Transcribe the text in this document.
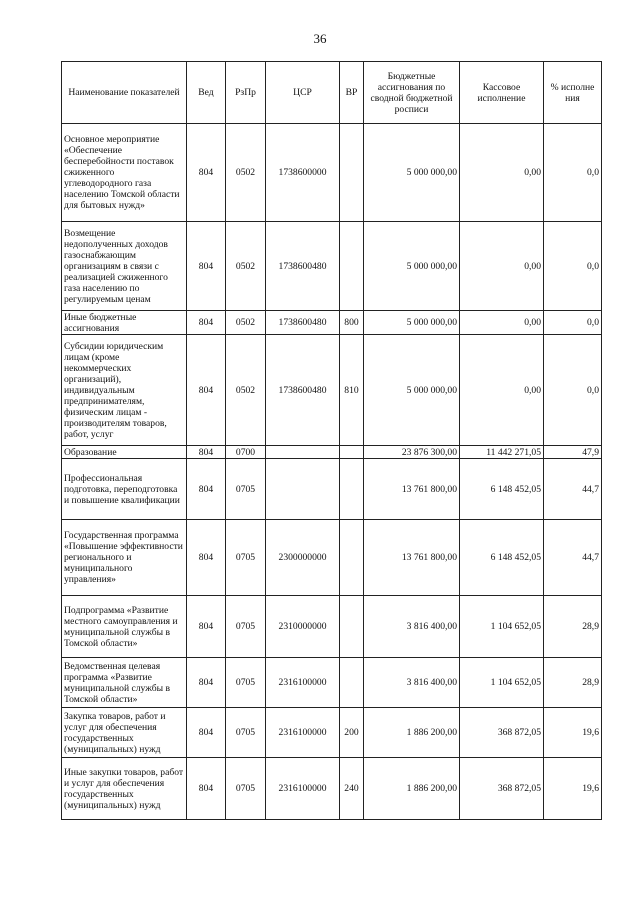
36
Наименование показателей	Вед	РзПр	ЦСР	ВР	Бюджетные ассигнования по сводной бюджетной росписи	Кассовое исполнение	% исполне ния
Основное мероприятие «Обеспечение бесперебойности поставок сжиженного углеводородного газа населению Томской области для бытовых нужд»	804	0502	1738600000		5 000 000,00	0,00	0,0
Возмещение недополученных доходов газоснабжающим организациям в связи с реализацией сжиженного газа населению по регулируемым ценам	804	0502	1738600480		5 000 000,00	0,00	0,0
Иные бюджетные ассигнования	804	0502	1738600480	800	5 000 000,00	0,00	0,0
Субсидии юридическим лицам (кроме некоммерческих организаций), индивидуальным предпринимателям, физическим лицам - производителям товаров, работ, услуг	804	0502	1738600480	810	5 000 000,00	0,00	0,0
Образование	804	0700			23 876 300,00	11 442 271,05	47,9
Профессиональная подготовка, переподготовка и повышение квалификации	804	0705			13 761 800,00	6 148 452,05	44,7
Государственная программа «Повышение эффективности регионального и муниципального управления»	804	0705	2300000000		13 761 800,00	6 148 452,05	44,7
Подпрограмма «Развитие местного самоуправления и муниципальной службы в Томской области»	804	0705	2310000000		3 816 400,00	1 104 652,05	28,9
Ведомственная целевая программа «Развитие муниципальной службы в Томской области»	804	0705	2316100000		3 816 400,00	1 104 652,05	28,9
Закупка товаров, работ и услуг для обеспечения государственных (муниципальных) нужд	804	0705	2316100000	200	1 886 200,00	368 872,05	19,6
Иные закупки товаров, работ и услуг для обеспечения государственных (муниципальных) нужд	804	0705	2316100000	240	1 886 200,00	368 872,05	19,6
